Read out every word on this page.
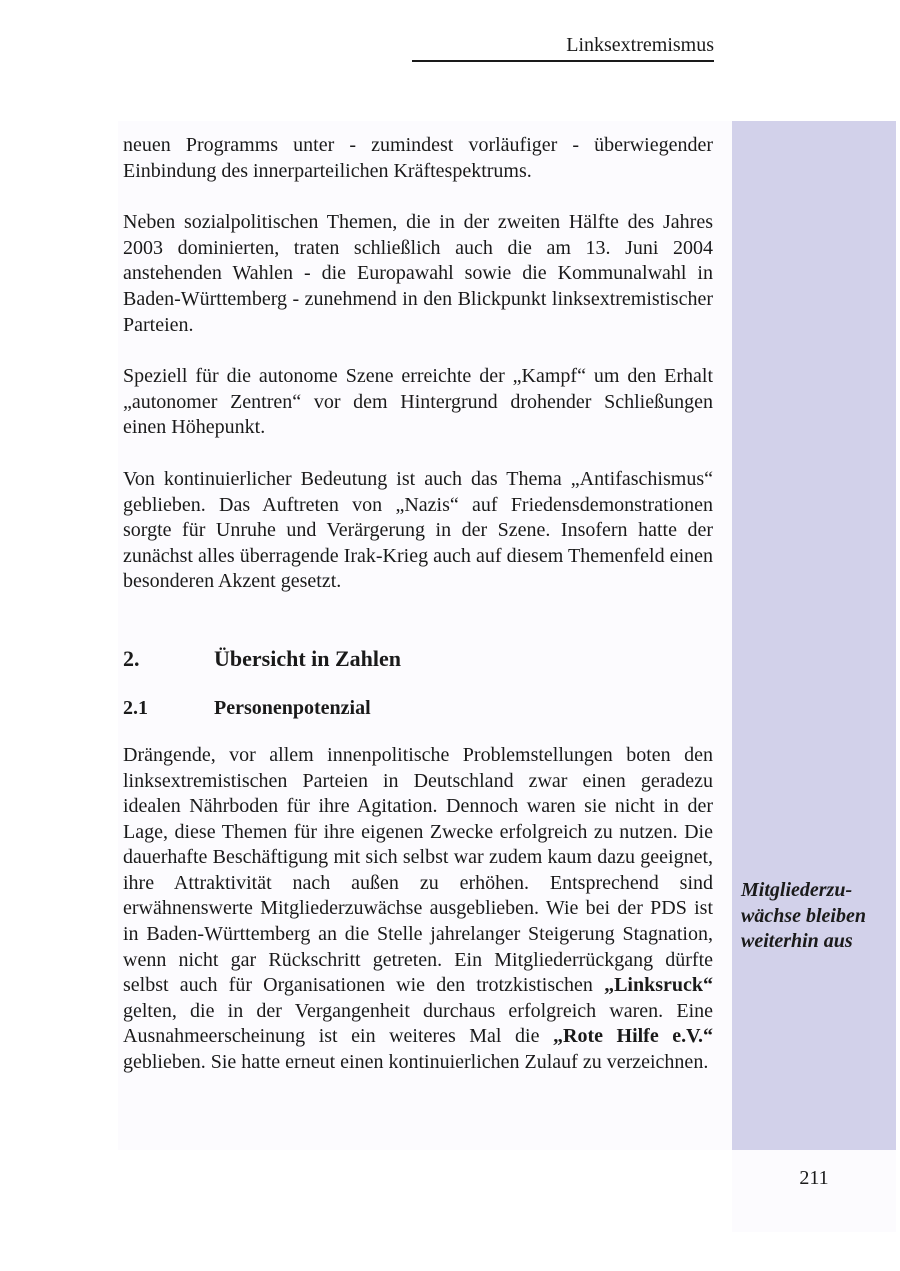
Linksextremismus

neuen Programms unter - zumindest vorläufiger - überwiegender Einbindung des innerparteilichen Kräftespektrums.

Neben sozialpolitischen Themen, die in der zweiten Hälfte des Jahres 2003 dominierten, traten schließlich auch die am 13. Juni 2004 anstehenden Wahlen - die Europawahl sowie die Kommunalwahl in Baden-Württemberg - zunehmend in den Blickpunkt linksextremistischer Parteien.

Speziell für die autonome Szene erreichte der „Kampf“ um den Erhalt „autonomer Zentren“ vor dem Hintergrund drohender Schließungen einen Höhepunkt.

Von kontinuierlicher Bedeutung ist auch das Thema „Antifaschismus“ geblieben. Das Auftreten von „Nazis“ auf Friedensdemonstrationen sorgte für Unruhe und Verärgerung in der Szene. Insofern hatte der zunächst alles überragende Irak-Krieg auch auf diesem Themenfeld einen besonderen Akzent gesetzt.

2.	Übersicht in Zahlen
2.1	Personenpotenzial

Drängende, vor allem innenpolitische Problemstellungen boten den linksextremistischen Parteien in Deutschland zwar einen geradezu idealen Nährboden für ihre Agitation. Dennoch waren sie nicht in der Lage, diese Themen für ihre eigenen Zwecke erfolgreich zu nutzen. Die dauerhafte Beschäftigung mit sich selbst war zudem kaum dazu geeignet, ihre Attraktivität nach außen zu erhöhen. Entsprechend sind erwähnenswerte Mitgliederzuwächse ausgeblieben. Wie bei der PDS ist in Baden-Württemberg an die Stelle jahrelanger Steigerung Stagnation, wenn nicht gar Rückschritt getreten. Ein Mitgliederrückgang dürfte selbst auch für Organisationen wie den trotzkistischen „Linksruck“ gelten, die in der Vergangenheit durchaus erfolgreich waren. Eine Ausnahmeerscheinung ist ein weiteres Mal die „Rote Hilfe e.V.“ geblieben. Sie hatte erneut einen kontinuierlichen Zulauf zu verzeichnen.

Mitgliederzu-
wächse bleiben
weiterhin aus
211
